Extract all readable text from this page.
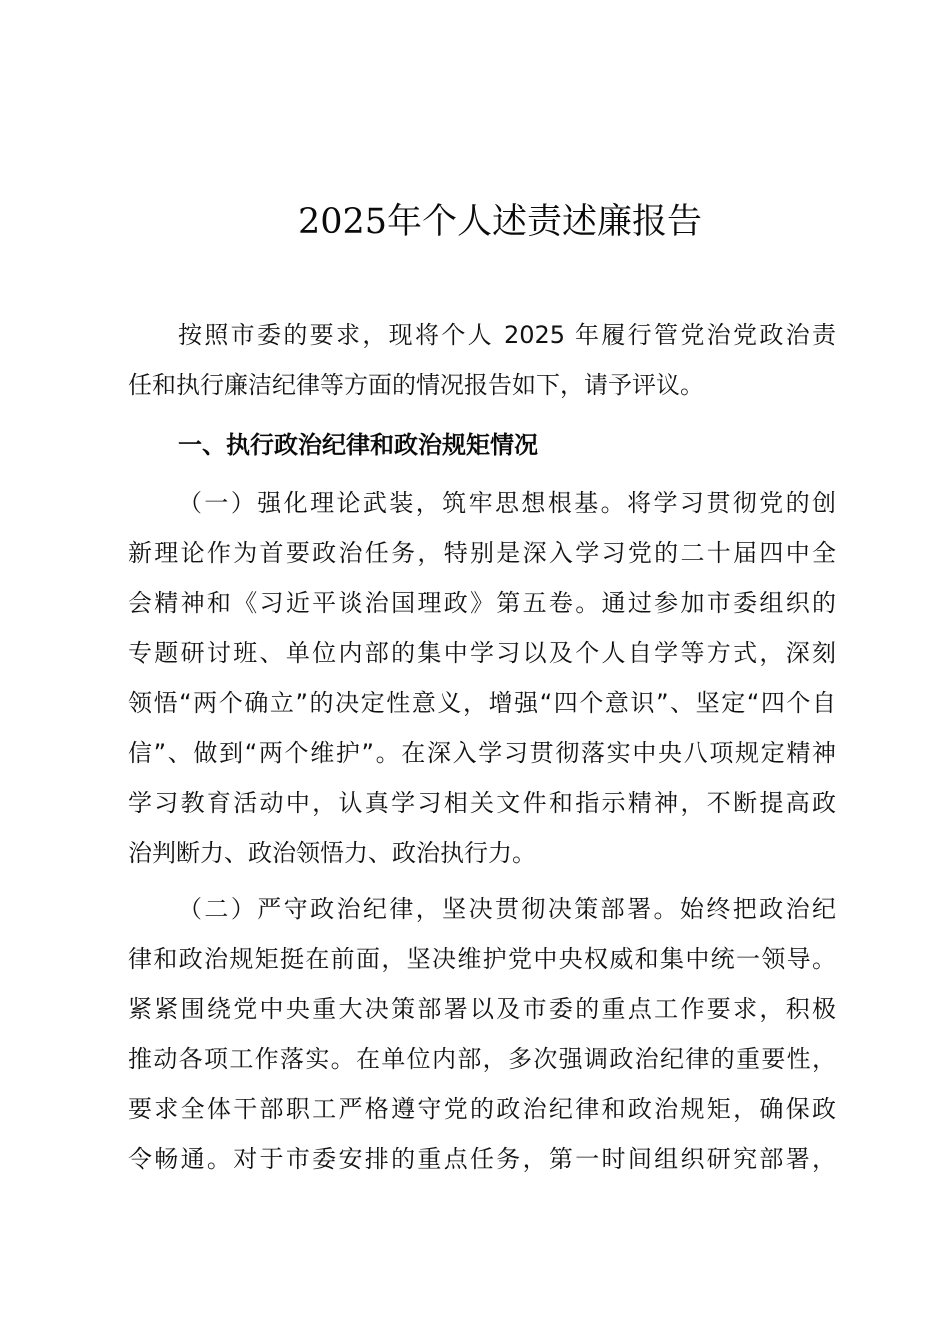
2025年个人述责述廉报告
按照市委的要求，现将个人 2025 年履行管党治党政治责
任和执行廉洁纪律等方面的情况报告如下，请予评议。
一、执行政治纪律和政治规矩情况
（一）强化理论武装，筑牢思想根基。将学习贯彻党的创
新理论作为首要政治任务，特别是深入学习党的二十届四中全
会精神和《习近平谈治国理政》第五卷。通过参加市委组织的
专题研讨班、单位内部的集中学习以及个人自学等方式，深刻
领悟“两个确立”的决定性意义，增强“四个意识”、坚定“四个自
信”、做到“两个维护”。在深入学习贯彻落实中央八项规定精神
学习教育活动中，认真学习相关文件和指示精神，不断提高政
治判断力、政治领悟力、政治执行力。
（二）严守政治纪律，坚决贯彻决策部署。始终把政治纪
律和政治规矩挺在前面，坚决维护党中央权威和集中统一领导。
紧紧围绕党中央重大决策部署以及市委的重点工作要求，积极
推动各项工作落实。在单位内部，多次强调政治纪律的重要性，
要求全体干部职工严格遵守党的政治纪律和政治规矩，确保政
令畅通。对于市委安排的重点任务，第一时间组织研究部署，
